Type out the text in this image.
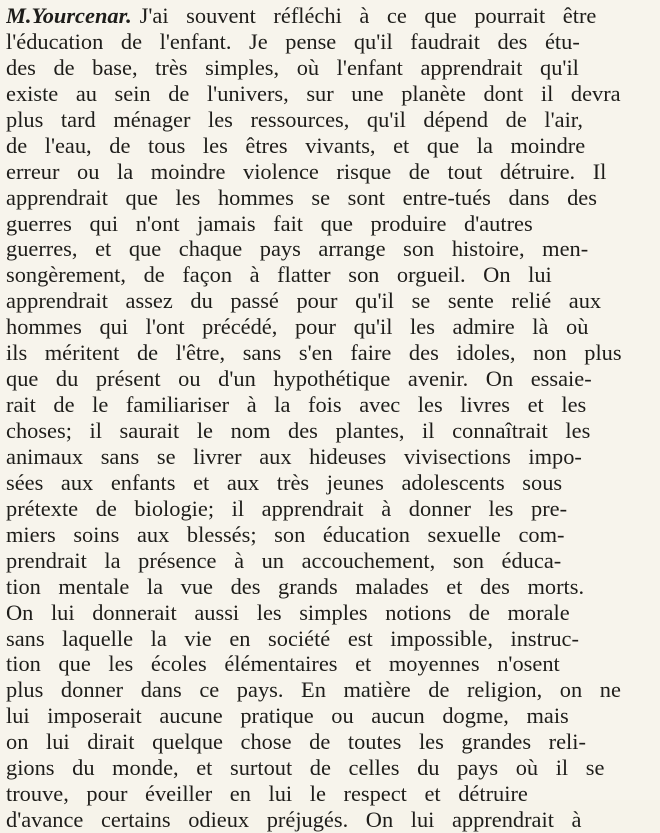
M.Yourcenar. J'ai souvent réfléchi à ce que pourrait être
l'éducation de l'enfant. Je pense qu'il faudrait des étu-
des de base, très simples, où l'enfant apprendrait qu'il
existe au sein de l'univers, sur une planète dont il devra
plus tard ménager les ressources, qu'il dépend de l'air,
de l'eau, de tous les êtres vivants, et que la moindre
erreur ou la moindre violence risque de tout détruire. Il
apprendrait que les hommes se sont entre-tués dans des
guerres qui n'ont jamais fait que produire d'autres
guerres, et que chaque pays arrange son histoire, men-
songèrement, de façon à flatter son orgueil. On lui
apprendrait assez du passé pour qu'il se sente relié aux
hommes qui l'ont précédé, pour qu'il les admire là où
ils méritent de l'être, sans s'en faire des idoles, non plus
que du présent ou d'un hypothétique avenir. On essaie-
rait de le familiariser à la fois avec les livres et les
choses; il saurait le nom des plantes, il connaîtrait les
animaux sans se livrer aux hideuses vivisections impo-
sées aux enfants et aux très jeunes adolescents sous
prétexte de biologie; il apprendrait à donner les pre-
miers soins aux blessés; son éducation sexuelle com-
prendrait la présence à un accouchement, son éduca-
tion mentale la vue des grands malades et des morts.
On lui donnerait aussi les simples notions de morale
sans laquelle la vie en société est impossible, instruc-
tion que les écoles élémentaires et moyennes n'osent
plus donner dans ce pays. En matière de religion, on ne
lui imposerait aucune pratique ou aucun dogme, mais
on lui dirait quelque chose de toutes les grandes reli-
gions du monde, et surtout de celles du pays où il se
trouve, pour éveiller en lui le respect et détruire
d'avance certains odieux préjugés. On lui apprendrait à
